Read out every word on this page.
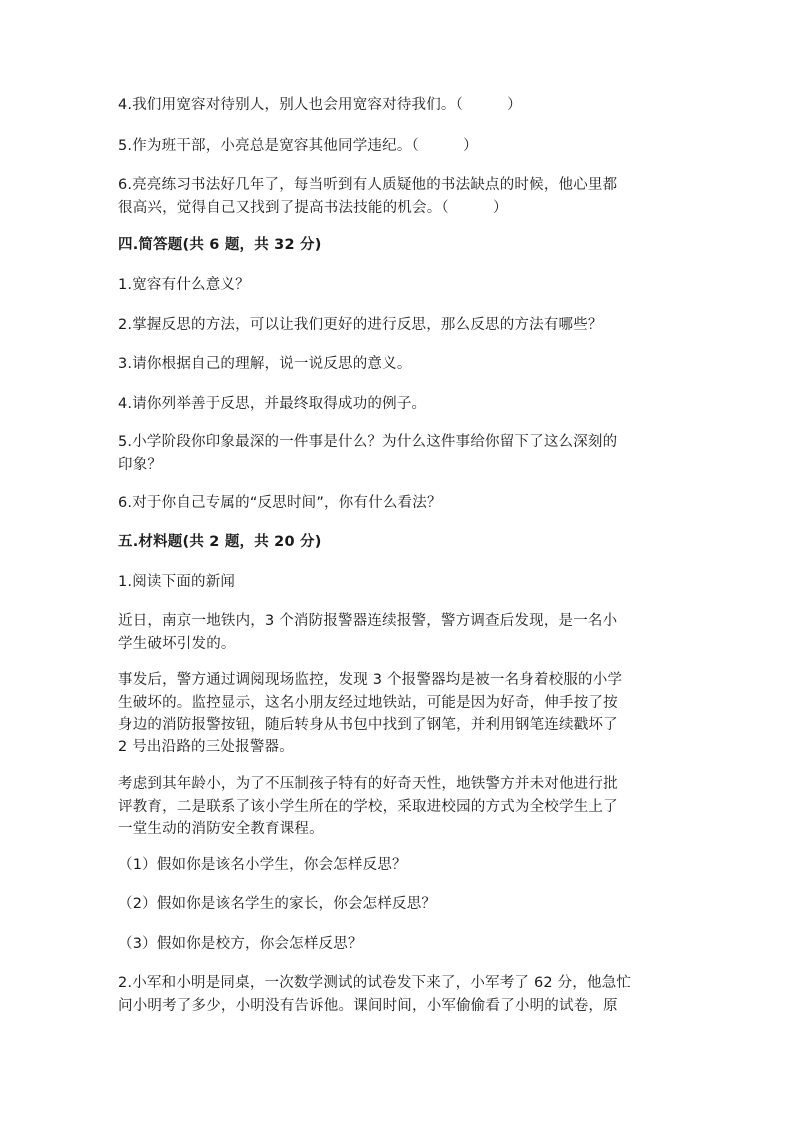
4.我们用宽容对待别人，别人也会用宽容对待我们。（　　　）
5.作为班干部，小亮总是宽容其他同学违纪。（　　　）
6.亮亮练习书法好几年了，每当听到有人质疑他的书法缺点的时候，他心里都
很高兴，觉得自己又找到了提高书法技能的机会。（　　　）
四.简答题(共 6 题，共 32 分)
1.宽容有什么意义？
2.掌握反思的方法，可以让我们更好的进行反思，那么反思的方法有哪些？
3.请你根据自己的理解，说一说反思的意义。
4.请你列举善于反思，并最终取得成功的例子。
5.小学阶段你印象最深的一件事是什么？为什么这件事给你留下了这么深刻的
印象？
6.对于你自己专属的“反思时间”，你有什么看法？
五.材料题(共 2 题，共 20 分)
1.阅读下面的新闻
近日，南京一地铁内，3 个消防报警器连续报警，警方调查后发现，是一名小
学生破坏引发的。
事发后，警方通过调阅现场监控，发现 3 个报警器均是被一名身着校服的小学
生破坏的。监控显示，这名小朋友经过地铁站，可能是因为好奇，伸手按了按
身边的消防报警按钮，随后转身从书包中找到了钢笔，并利用钢笔连续戳坏了
2 号出沿路的三处报警器。
考虑到其年龄小，为了不压制孩子特有的好奇天性，地铁警方并未对他进行批
评教育，二是联系了该小学生所在的学校，采取进校园的方式为全校学生上了
一堂生动的消防安全教育课程。
（1）假如你是该名小学生，你会怎样反思？
（2）假如你是该名学生的家长，你会怎样反思？
（3）假如你是校方，你会怎样反思？
2.小军和小明是同桌，一次数学测试的试卷发下来了，小军考了 62 分，他急忙
问小明考了多少，小明没有告诉他。课间时间，小军偷偷看了小明的试卷，原
